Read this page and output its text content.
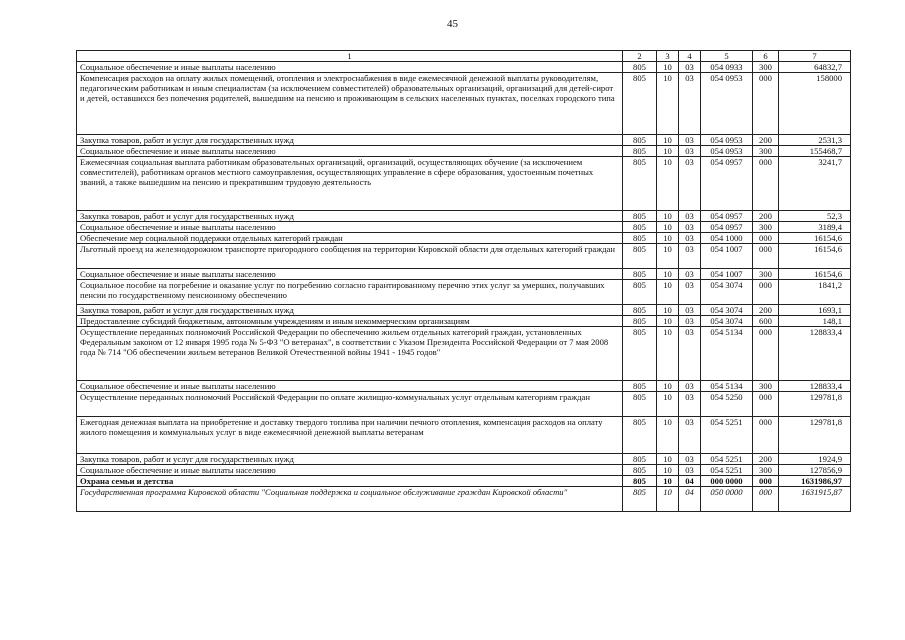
45
1	2	3	4	5	6	7
Социальное обеспечение и иные выплаты населению	805	10	03	054 0933	300	64832,7
Компенсация расходов на оплату жилых помещений, отопления и электроснабжения в виде ежемесячной денежной выплаты руководителям, педагогическим работникам и иным специалистам (за исключением совместителей) образовательных организаций, организаций для детей-сирот и детей, оставшихся без попечения родителей, вышедшим на пенсию и проживающим в сельских населенных пунктах, поселках городского типа	805	10	03	054 0953	000	158000
Закупка товаров, работ и услуг для государственных нужд	805	10	03	054 0953	200	2531,3
Социальное обеспечение и иные выплаты населению	805	10	03	054 0953	300	155468,7
Ежемесячная социальная выплата работникам образовательных организаций, организаций, осуществляющих обучение (за исключением совместителей), работникам органов местного самоуправления, осуществляющих управление в сфере образования, удостоенным почетных званий, а также вышедшим на пенсию и прекратившим трудовую деятельность	805	10	03	054 0957	000	3241,7
Закупка товаров, работ и услуг для государственных нужд	805	10	03	054 0957	200	52,3
Социальное обеспечение и иные выплаты населению	805	10	03	054 0957	300	3189,4
Обеспечение мер социальной поддержки отдельных категорий граждан	805	10	03	054 1000	000	16154,6
Льготный проезд на железнодорожном транспорте пригородного сообщения на территории Кировской области для отдельных категорий граждан	805	10	03	054 1007	000	16154,6
Социальное обеспечение и иные выплаты населению	805	10	03	054 1007	300	16154,6
Социальное пособие на погребение и оказание услуг по погребению согласно гарантированному перечню этих услуг за умерших, получавших пенсии по государственному пенсионному обеспечению	805	10	03	054 3074	000	1841,2
Закупка товаров, работ и услуг для государственных нужд	805	10	03	054 3074	200	1693,1
Предоставление субсидий бюджетным, автономным учреждениям и иным некоммерческим организациям	805	10	03	054 3074	600	148,1
Осуществление переданных полномочий Российской Федерации по обеспечению жильем отдельных категорий граждан, установленных Федеральным законом от 12 января 1995 года № 5-ФЗ "О ветеранах", в соответствии с Указом Президента Российской Федерации от 7 мая 2008 года № 714 "Об обеспечении жильем ветеранов Великой Отечественной войны 1941 - 1945 годов"	805	10	03	054 5134	000	128833,4
Социальное обеспечение и иные выплаты населению	805	10	03	054 5134	300	128833,4
Осуществление переданных полномочий Российской Федерации по оплате жилищно-коммунальных услуг отдельным категориям граждан	805	10	03	054 5250	000	129781,8
Ежегодная денежная выплата на приобретение и доставку твердого топлива при наличии печного отопления, компенсация расходов на оплату жилого помещения и коммунальных услуг в виде ежемесячной денежной выплаты ветеранам	805	10	03	054 5251	000	129781,8
Закупка товаров, работ и услуг для государственных нужд	805	10	03	054 5251	200	1924,9
Социальное обеспечение и иные выплаты населению	805	10	03	054 5251	300	127856,9
Охрана семьи и детства	805	10	04	000 0000	000	1631986,97
Государственная программа Кировской области "Социальная поддержка и социальное обслуживание граждан Кировской области"	805	10	04	050 0000	000	1631915,87
